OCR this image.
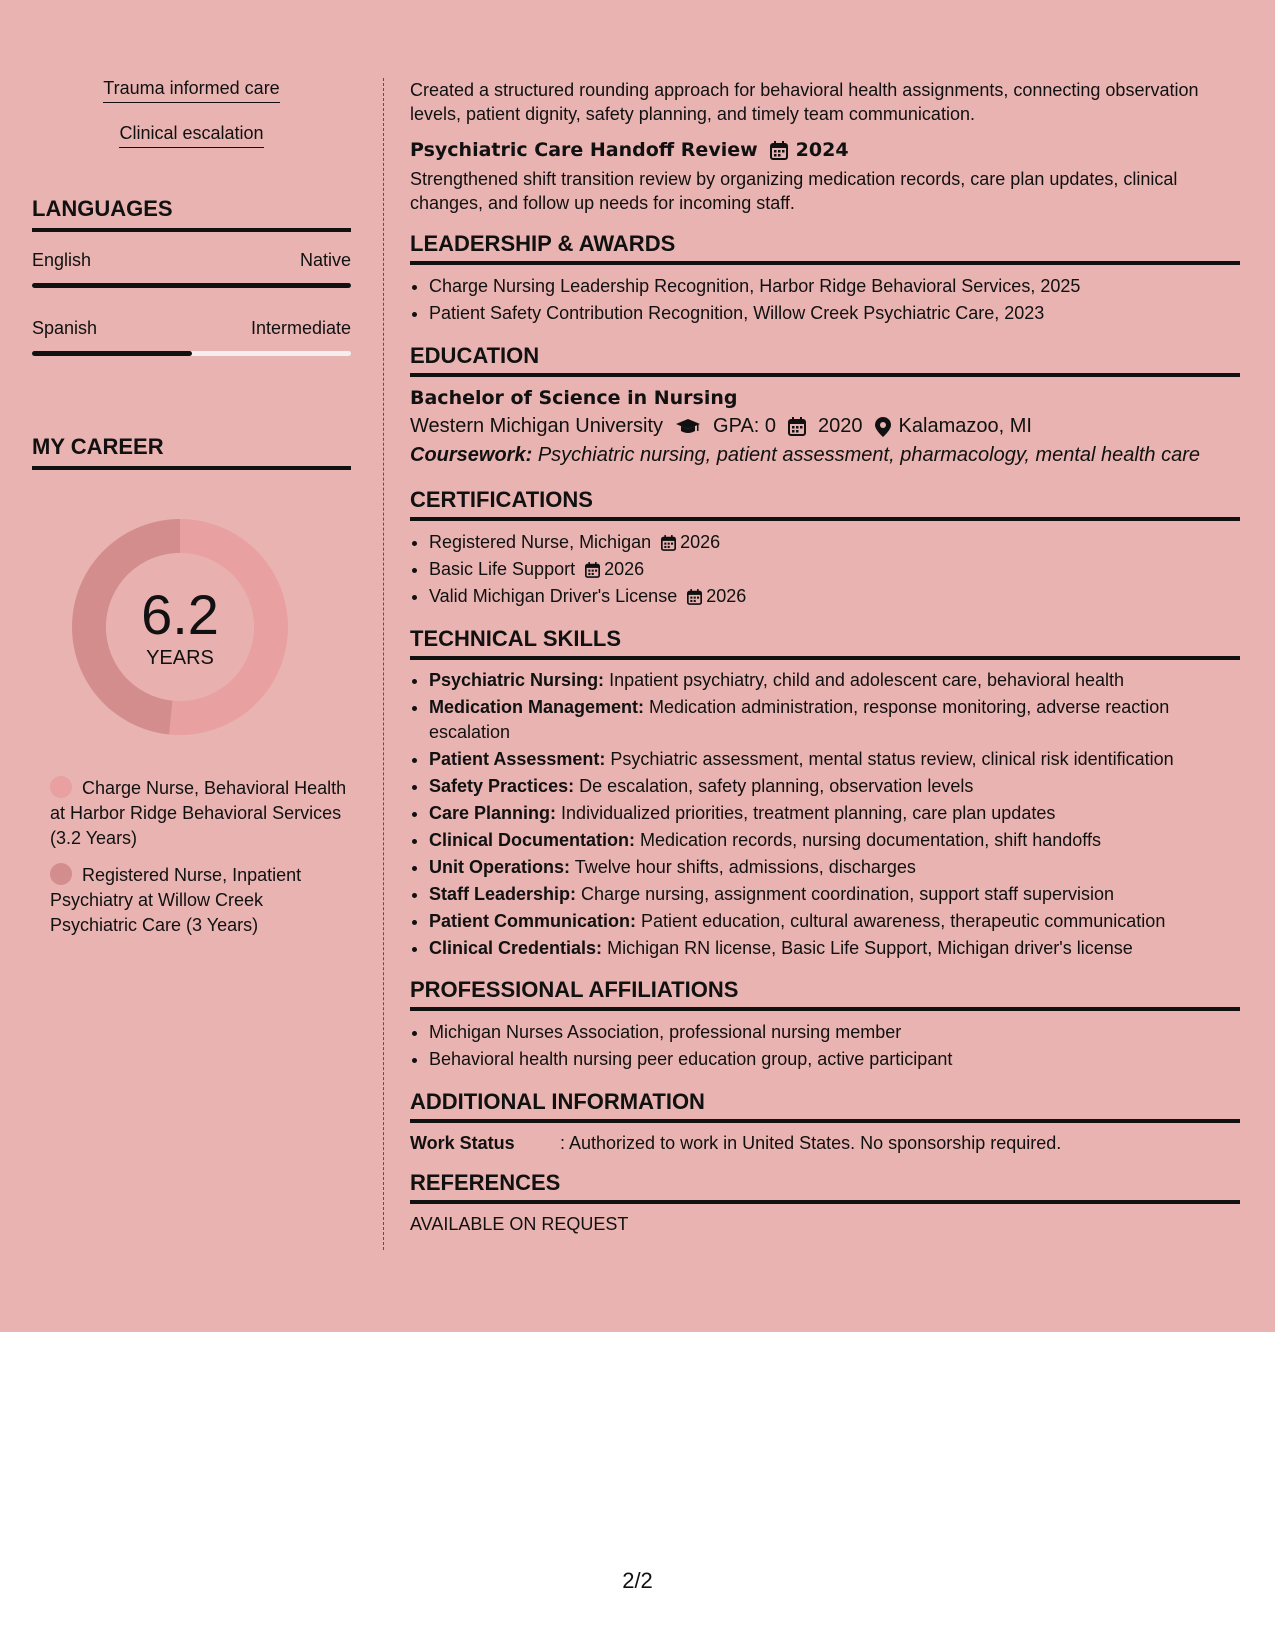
Trauma informed care
Clinical escalation
LANGUAGES
English	Native
Spanish	Intermediate
MY CAREER
6.2
YEARS
Charge Nurse, Behavioral Health at Harbor Ridge Behavioral Services (3.2 Years)
Registered Nurse, Inpatient Psychiatry at Willow Creek Psychiatric Care (3 Years)
Created a structured rounding approach for behavioral health assignments, connecting observation levels, patient dignity, safety planning, and timely team communication.
Psychiatric Care Handoff Review 2024
Strengthened shift transition review by organizing medication records, care plan updates, clinical changes, and follow up needs for incoming staff.
LEADERSHIP & AWARDS
• Charge Nursing Leadership Recognition, Harbor Ridge Behavioral Services, 2025
• Patient Safety Contribution Recognition, Willow Creek Psychiatric Care, 2023
EDUCATION
Bachelor of Science in Nursing
Western Michigan University	GPA: 0 2020 Kalamazoo, MI
Coursework: Psychiatric nursing, patient assessment, pharmacology, mental health care
CERTIFICATIONS
• Registered Nurse, Michigan 2026
• Basic Life Support 2026
• Valid Michigan Driver's License 2026
TECHNICAL SKILLS
• Psychiatric Nursing: Inpatient psychiatry, child and adolescent care, behavioral health
• Medication Management: Medication administration, response monitoring, adverse reaction escalation
• Patient Assessment: Psychiatric assessment, mental status review, clinical risk identification
• Safety Practices: De escalation, safety planning, observation levels
• Care Planning: Individualized priorities, treatment planning, care plan updates
• Clinical Documentation: Medication records, nursing documentation, shift handoffs
• Unit Operations: Twelve hour shifts, admissions, discharges
• Staff Leadership: Charge nursing, assignment coordination, support staff supervision
• Patient Communication: Patient education, cultural awareness, therapeutic communication
• Clinical Credentials: Michigan RN license, Basic Life Support, Michigan driver's license
PROFESSIONAL AFFILIATIONS
• Michigan Nurses Association, professional nursing member
• Behavioral health nursing peer education group, active participant
ADDITIONAL INFORMATION
Work Status	: Authorized to work in United States. No sponsorship required.
REFERENCES
AVAILABLE ON REQUEST
2/2
